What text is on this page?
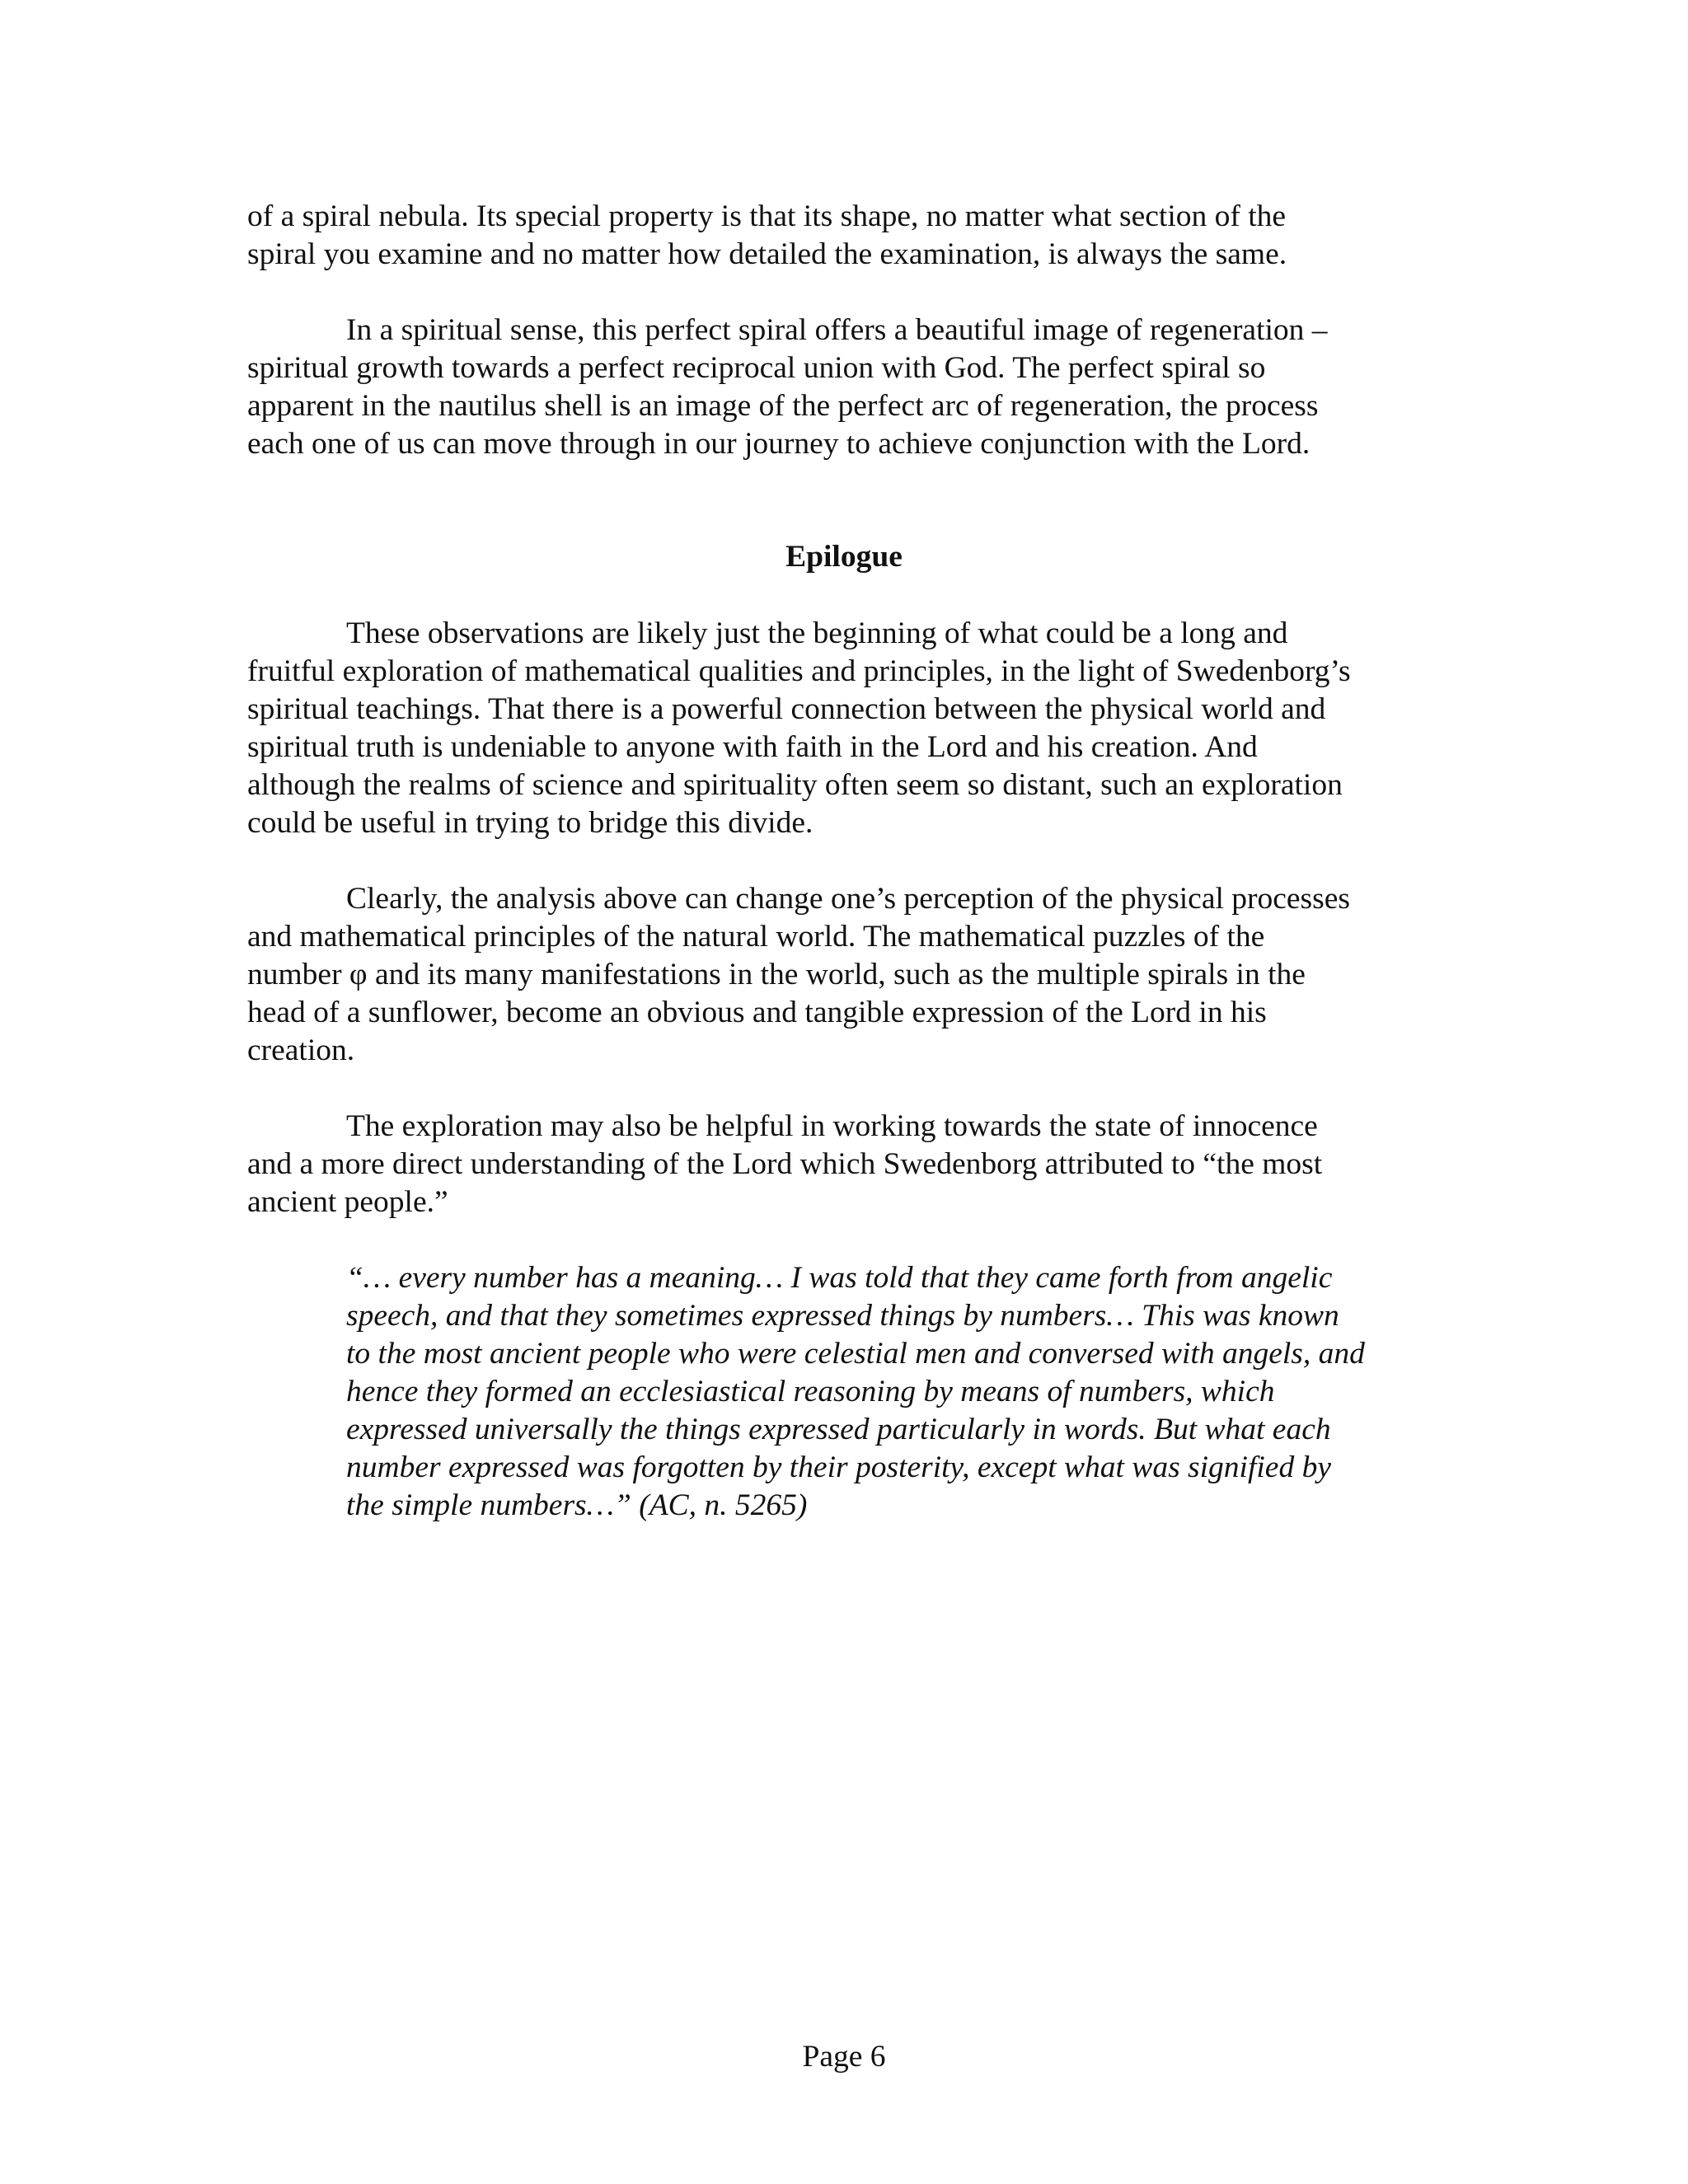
of a spiral nebula. Its special property is that its shape, no matter what section of the
spiral you examine and no matter how detailed the examination, is always the same.

In a spiritual sense, this perfect spiral offers a beautiful image of regeneration –
spiritual growth towards a perfect reciprocal union with God. The perfect spiral so
apparent in the nautilus shell is an image of the perfect arc of regeneration, the process
each one of us can move through in our journey to achieve conjunction with the Lord.

Epilogue

These observations are likely just the beginning of what could be a long and
fruitful exploration of mathematical qualities and principles, in the light of Swedenborg’s
spiritual teachings. That there is a powerful connection between the physical world and
spiritual truth is undeniable to anyone with faith in the Lord and his creation. And
although the realms of science and spirituality often seem so distant, such an exploration
could be useful in trying to bridge this divide.

Clearly, the analysis above can change one’s perception of the physical processes
and mathematical principles of the natural world. The mathematical puzzles of the
number φ and its many manifestations in the world, such as the multiple spirals in the
head of a sunflower, become an obvious and tangible expression of the Lord in his
creation.

The exploration may also be helpful in working towards the state of innocence
and a more direct understanding of the Lord which Swedenborg attributed to “the most
ancient people.”

“… every number has a meaning… I was told that they came forth from angelic
speech, and that they sometimes expressed things by numbers… This was known
to the most ancient people who were celestial men and conversed with angels, and
hence they formed an ecclesiastical reasoning by means of numbers, which
expressed universally the things expressed particularly in words. But what each
number expressed was forgotten by their posterity, except what was signified by
the simple numbers…” (AC, n. 5265)

Page 6
